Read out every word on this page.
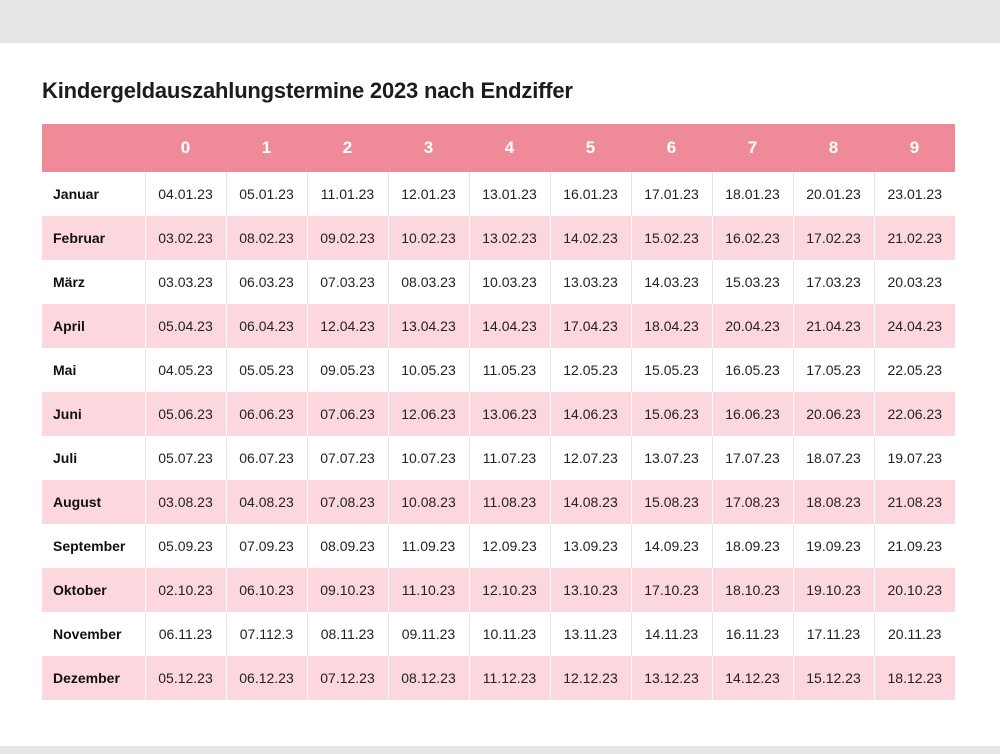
Kindergeldauszahlungstermine 2023 nach Endziffer
	0	1	2	3	4	5	6	7	8	9
Januar	04.01.23	05.01.23	11.01.23	12.01.23	13.01.23	16.01.23	17.01.23	18.01.23	20.01.23	23.01.23
Februar	03.02.23	08.02.23	09.02.23	10.02.23	13.02.23	14.02.23	15.02.23	16.02.23	17.02.23	21.02.23
März	03.03.23	06.03.23	07.03.23	08.03.23	10.03.23	13.03.23	14.03.23	15.03.23	17.03.23	20.03.23
April	05.04.23	06.04.23	12.04.23	13.04.23	14.04.23	17.04.23	18.04.23	20.04.23	21.04.23	24.04.23
Mai	04.05.23	05.05.23	09.05.23	10.05.23	11.05.23	12.05.23	15.05.23	16.05.23	17.05.23	22.05.23
Juni	05.06.23	06.06.23	07.06.23	12.06.23	13.06.23	14.06.23	15.06.23	16.06.23	20.06.23	22.06.23
Juli	05.07.23	06.07.23	07.07.23	10.07.23	11.07.23	12.07.23	13.07.23	17.07.23	18.07.23	19.07.23
August	03.08.23	04.08.23	07.08.23	10.08.23	11.08.23	14.08.23	15.08.23	17.08.23	18.08.23	21.08.23
September	05.09.23	07.09.23	08.09.23	11.09.23	12.09.23	13.09.23	14.09.23	18.09.23	19.09.23	21.09.23
Oktober	02.10.23	06.10.23	09.10.23	11.10.23	12.10.23	13.10.23	17.10.23	18.10.23	19.10.23	20.10.23
November	06.11.23	07.112.3	08.11.23	09.11.23	10.11.23	13.11.23	14.11.23	16.11.23	17.11.23	20.11.23
Dezember	05.12.23	06.12.23	07.12.23	08.12.23	11.12.23	12.12.23	13.12.23	14.12.23	15.12.23	18.12.23
